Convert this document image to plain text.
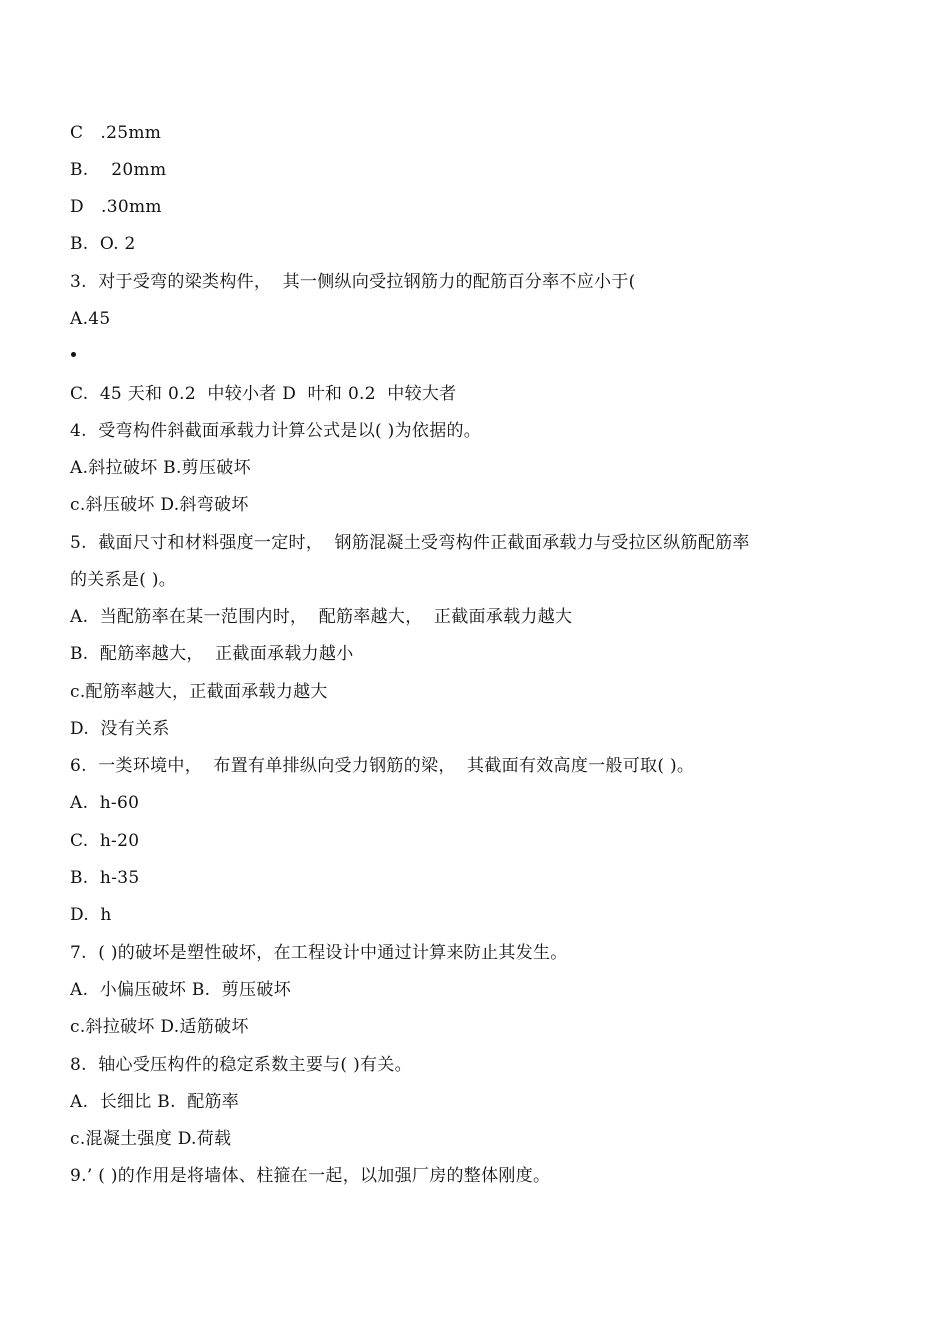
C   .25mm
B.    20mm
D   .30mm
B.  O. 2
3.  对于受弯的梁类构件，  其一侧纵向受拉钢筋力的配筋百分率不应小于(
A.45
C.  45 天和 0.2  中较小者 D  叶和 0.2  中较大者
4.  受弯构件斜截面承载力计算公式是以( )为依据的。
A.斜拉破坏 B.剪压破坏
c.斜压破坏 D.斜弯破坏
5.  截面尺寸和材料强度一定时，  钢筋混凝土受弯构件正截面承载力与受拉区纵筋配筋率
的关系是( )。
A.  当配筋率在某一范围内时，  配筋率越大，  正截面承载力越大
B.  配筋率越大，  正截面承载力越小
c.配筋率越大，正截面承载力越大
D.  没有关系
6.  一类环境中，  布置有单排纵向受力钢筋的梁，  其截面有效高度一般可取( )。
A.  h-60
C.  h-20
B.  h-35
D.  h
7.  ( )的破坏是塑性破坏，在工程设计中通过计算来防止其发生。
A.  小偏压破坏 B.  剪压破坏
c.斜拉破坏 D.适筋破坏
8.  轴心受压构件的稳定系数主要与( )有关。
A.  长细比 B.  配筋率
c.混凝土强度 D.荷载
9.’ ( )的作用是将墙体、柱箍在一起，以加强厂房的整体刚度。
